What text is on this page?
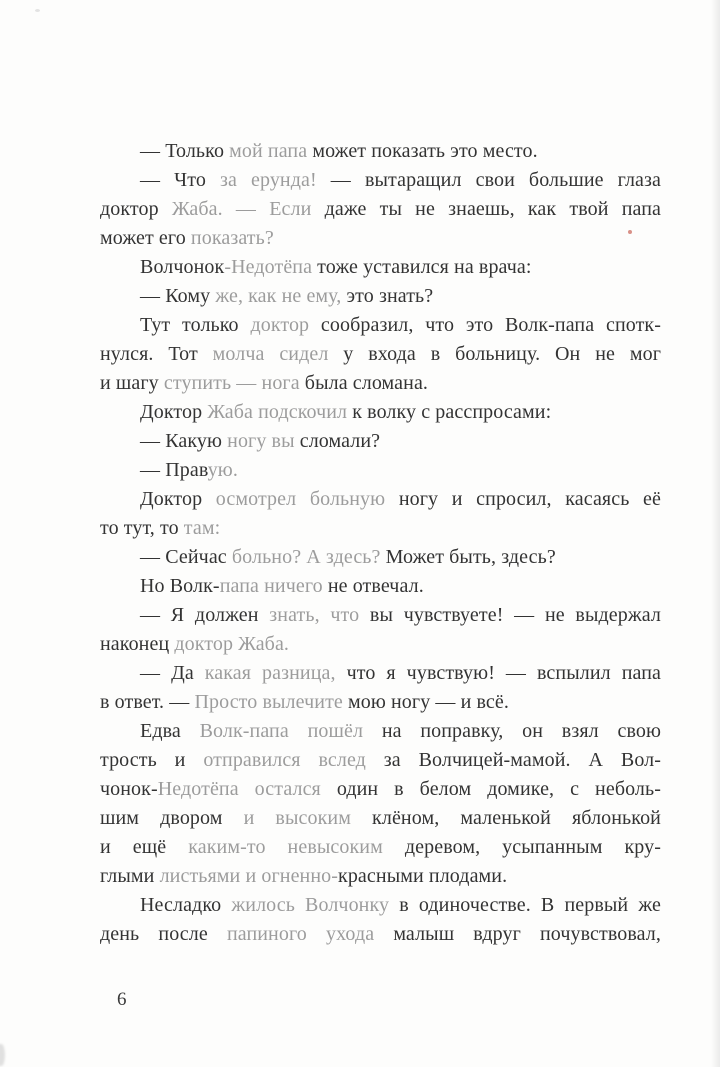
— Только мой папа может показать это место.
— Что за ерунда! — вытаращил свои большие глаза
доктор Жаба. — Если даже ты не знаешь, как твой папа
может его показать?
Волчонок-Недотёпа тоже уставился на врача:
— Кому же, как не ему, это знать?
Тут только доктор сообразил, что это Волк-папа спотк-
нулся. Тот молча сидел у входа в больницу. Он не мог
и шагу ступить — нога была сломана.
Доктор Жаба подскочил к волку с расспросами:
— Какую ногу вы сломали?
— Правую.
Доктор осмотрел больную ногу и спросил, касаясь её
то тут, то там:
— Сейчас больно? А здесь? Может быть, здесь?
Но Волк-папа ничего не отвечал.
— Я должен знать, что вы чувствуете! — не выдержал
наконец доктор Жаба.
— Да какая разница, что я чувствую! — вспылил папа
в ответ. — Просто вылечите мою ногу — и всё.
Едва Волк-папа пошёл на поправку, он взял свою
трость и отправился вслед за Волчицей-мамой. А Вол-
чонок-Недотёпа остался один в белом домике, с неболь-
шим двором и высоким клёном, маленькой яблонькой
и ещё каким-то невысоким деревом, усыпанным кру-
глыми листьями и огненно-красными плодами.
Несладко жилось Волчонку в одиночестве. В первый же
день после папиного ухода малыш вдруг почувствовал,
6
